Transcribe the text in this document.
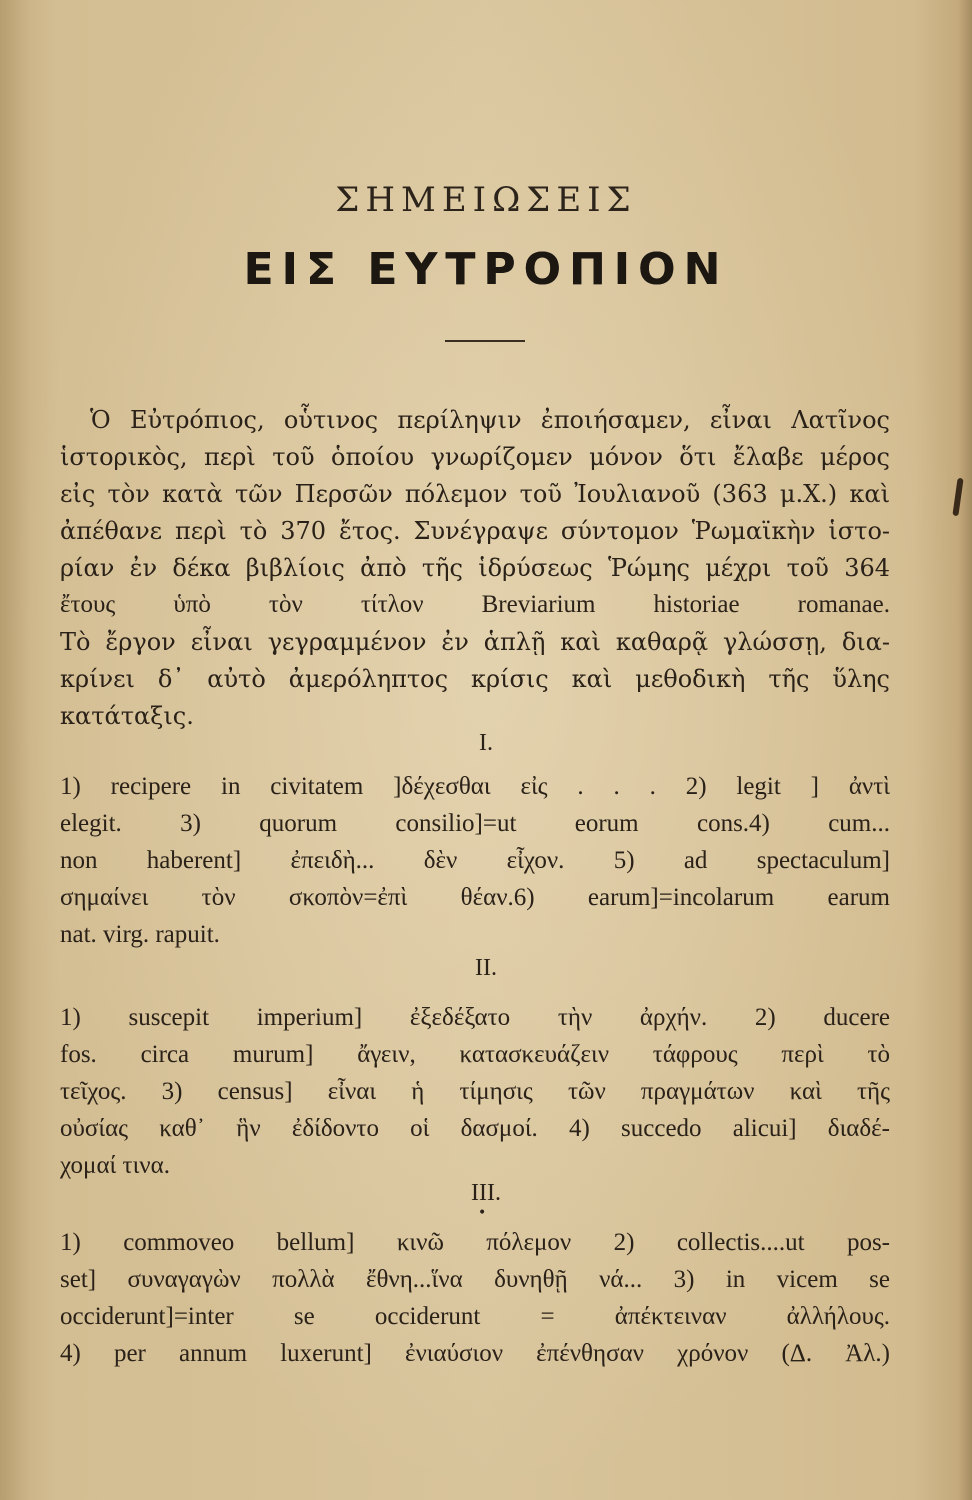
ΣΗΜΕΙΩΣΕΙΣ
ΕΙΣ ΕΥΤΡΟΠΙΟΝ
Ὁ Εὐτρόπιος, οὗτινος περίληψιν ἐποιήσαμεν, εἶναι Λατῖνος
ἱστορικὸς, περὶ τοῦ ὁποίου γνωρίζομεν μόνον ὅτι ἔλαβε μέρος
εἰς τὸν κατὰ τῶν Περσῶν πόλεμον τοῦ Ἰουλιανοῦ (363 μ.Χ.) καὶ
ἀπέθανε περὶ τὸ 370 ἔτος. Συνέγραψε σύντομον Ῥωμαϊκὴν ἱστο-
ρίαν ἐν δέκα βιβλίοις ἀπὸ τῆς ἱδρύσεως Ῥώμης μέχρι τοῦ 364
ἔτους ὑπὸ τὸν τίτλον Breviarium historiae romanae.
Τὸ ἔργον εἶναι γεγραμμένον ἐν ἁπλῇ καὶ καθαρᾷ γλώσσῃ, δια-
κρίνει δ᾽ αὐτὸ ἀμερόληπτος κρίσις καὶ μεθοδικὴ τῆς ὕλης
κατάταξις.
I.
1) recipere in civitatem ]δέχεσθαι εἰς . . . 2) legit ] ἀντὶ
elegit. 3) quorum consilio]=ut eorum cons.4) cum...
non haberent] ἐπειδὴ... δὲν εἶχον. 5) ad spectaculum]
σημαίνει τὸν σκοπὸν=ἐπὶ θέαν.6) earum]=incolarum earum
nat. virg. rapuit.
II.
1) suscepit imperium] ἐξεδέξατο τὴν ἀρχήν. 2) ducere
fos. circa murum] ἄγειν, κατασκευάζειν τάφρους περὶ τὸ
τεῖχος. 3) census] εἶναι ἡ τίμησις τῶν πραγμάτων καὶ τῆς
οὐσίας καθ᾽ ἣν ἐδίδοντο οἱ δασμοί. 4) succedo alicui] διαδέ-
χομαί τινα.
III.
•
1) commoveo bellum] κινῶ πόλεμον 2) collectis....ut pos-
set] συναγαγὼν πολλὰ ἔθνη...ἵνα δυνηθῇ νά... 3) in vicem se
occiderunt]=inter se occiderunt = ἀπέκτειναν ἀλλήλους.
4) per annum luxerunt] ἐνιαύσιον ἐπένθησαν χρόνον (Δ. Ἀλ.)
